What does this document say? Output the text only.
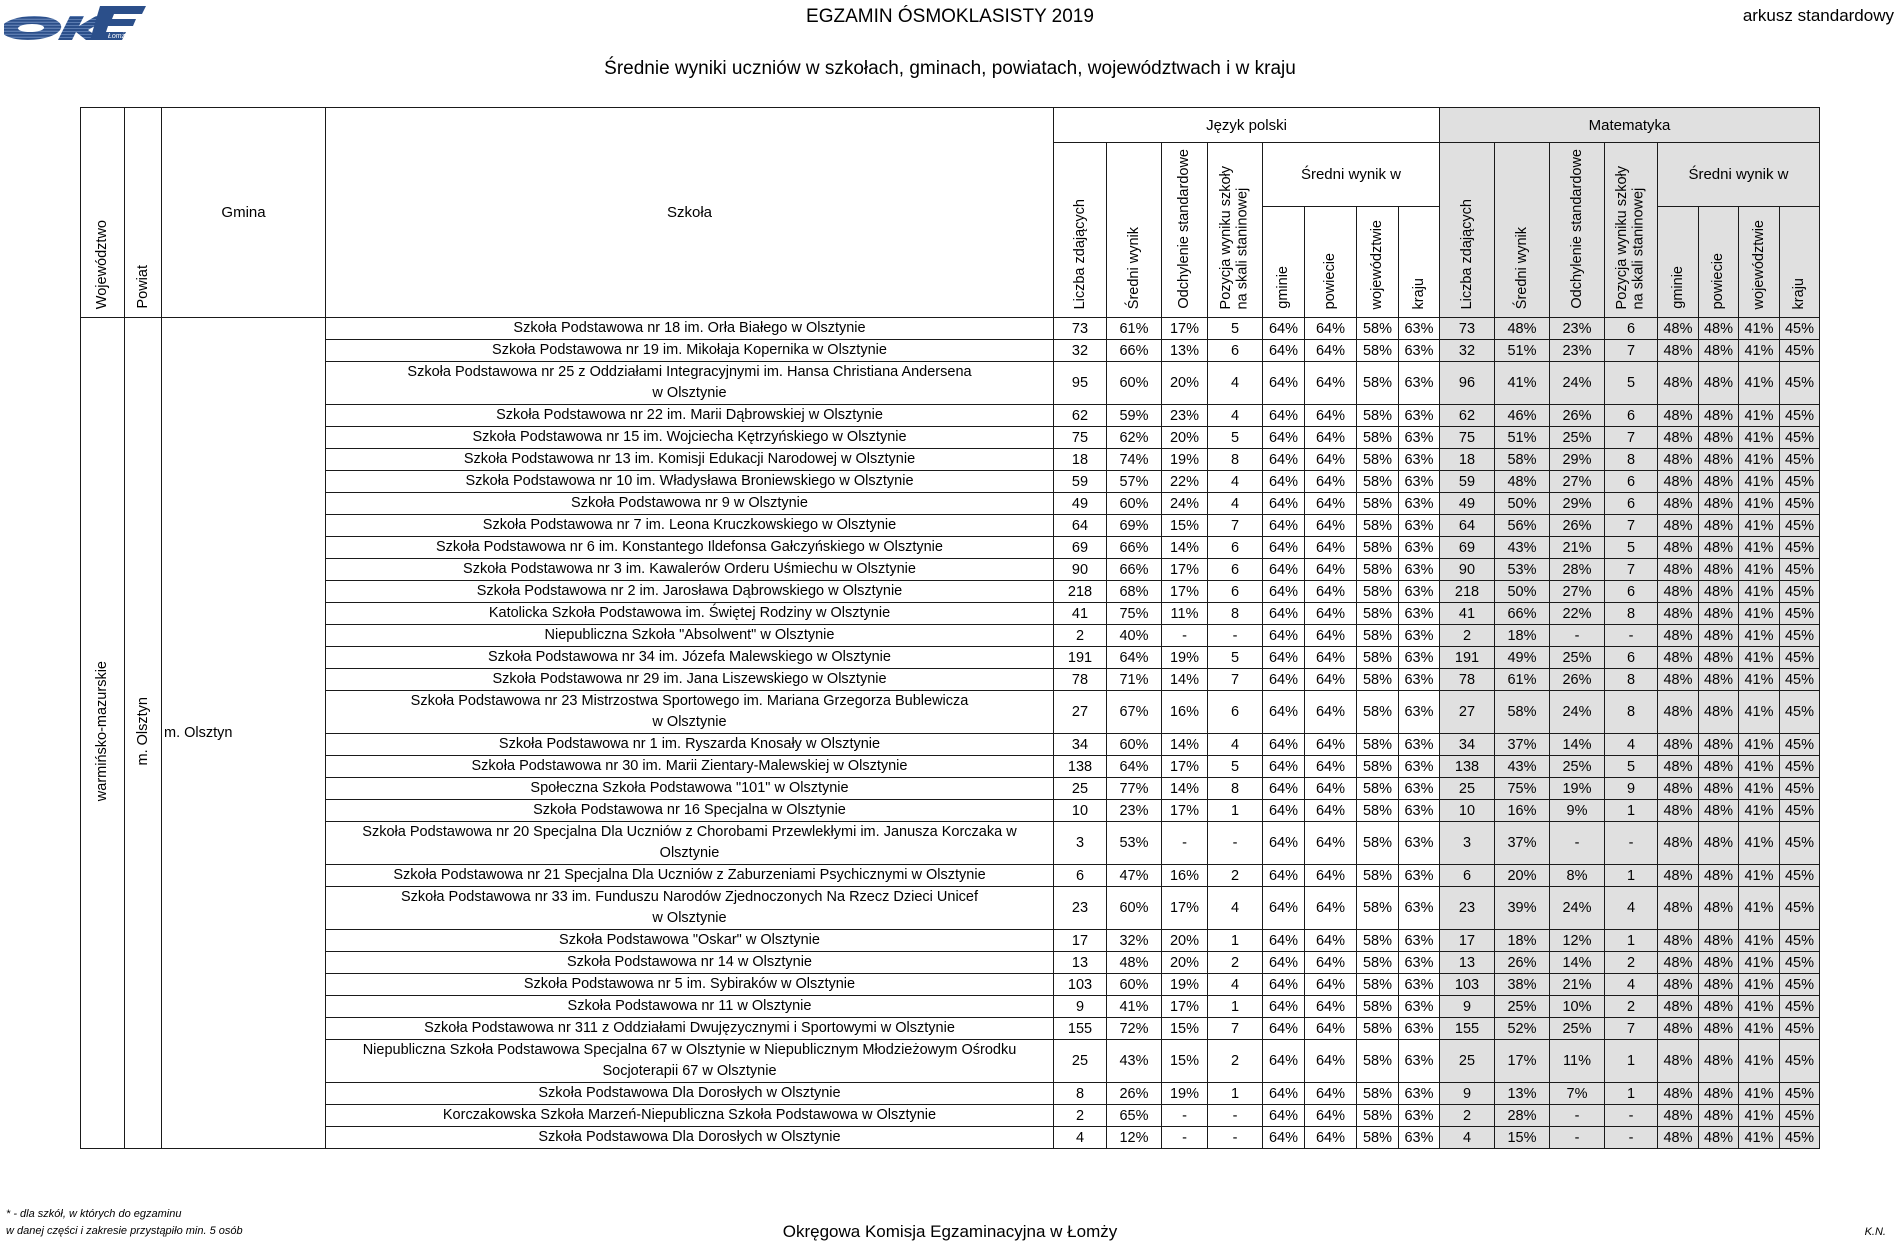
Łomża
EGZAMIN ÓSMOKLASISTY 2019	arkusz standardowy
Średnie wyniki uczniów w szkołach, gminach, powiatach, województwach i w kraju
Województwo	Powiat	Gmina	Szkoła	Język polski								Matematyka							
				Liczba zdających	Średni wynik	Odchylenie standardowe	Pozycja wyniku szkoły
na skali staninowej	Średni wynik w				Liczba zdających	Średni wynik	Odchylenie standardowe	Pozycja wyniku szkoły
na skali staninowej	Średni wynik w			
								gminie	powiecie	województwie	kraju					gminie	powiecie	województwie	kraju
warmińsko-mazurskie	m. Olsztyn	m. Olsztyn	Szkoła Podstawowa nr 18 im. Orła Białego w Olsztynie	73	61%	17%	5	64%	64%	58%	63%	73	48%	23%	6	48%	48%	41%	45%
			Szkoła Podstawowa nr 19 im. Mikołaja Kopernika w Olsztynie	32	66%	13%	6	64%	64%	58%	63%	32	51%	23%	7	48%	48%	41%	45%
			Szkoła Podstawowa nr 25 z Oddziałami Integracyjnymi im. Hansa Christiana Andersena
w Olsztynie	95	60%	20%	4	64%	64%	58%	63%	96	41%	24%	5	48%	48%	41%	45%
			Szkoła Podstawowa nr 22 im. Marii Dąbrowskiej w Olsztynie	62	59%	23%	4	64%	64%	58%	63%	62	46%	26%	6	48%	48%	41%	45%
			Szkoła Podstawowa nr 15 im. Wojciecha Kętrzyńskiego w Olsztynie	75	62%	20%	5	64%	64%	58%	63%	75	51%	25%	7	48%	48%	41%	45%
			Szkoła Podstawowa nr 13 im. Komisji Edukacji Narodowej w Olsztynie	18	74%	19%	8	64%	64%	58%	63%	18	58%	29%	8	48%	48%	41%	45%
			Szkoła Podstawowa nr 10 im. Władysława Broniewskiego w Olsztynie	59	57%	22%	4	64%	64%	58%	63%	59	48%	27%	6	48%	48%	41%	45%
			Szkoła Podstawowa nr 9 w Olsztynie	49	60%	24%	4	64%	64%	58%	63%	49	50%	29%	6	48%	48%	41%	45%
			Szkoła Podstawowa nr 7 im. Leona Kruczkowskiego w Olsztynie	64	69%	15%	7	64%	64%	58%	63%	64	56%	26%	7	48%	48%	41%	45%
			Szkoła Podstawowa nr 6 im. Konstantego Ildefonsa Gałczyńskiego w Olsztynie	69	66%	14%	6	64%	64%	58%	63%	69	43%	21%	5	48%	48%	41%	45%
			Szkoła Podstawowa nr 3 im. Kawalerów Orderu Uśmiechu w Olsztynie	90	66%	17%	6	64%	64%	58%	63%	90	53%	28%	7	48%	48%	41%	45%
			Szkoła Podstawowa nr 2 im. Jarosława Dąbrowskiego w Olsztynie	218	68%	17%	6	64%	64%	58%	63%	218	50%	27%	6	48%	48%	41%	45%
			Katolicka Szkoła Podstawowa im. Świętej Rodziny w Olsztynie	41	75%	11%	8	64%	64%	58%	63%	41	66%	22%	8	48%	48%	41%	45%
			Niepubliczna Szkoła "Absolwent" w Olsztynie	2	40%	-	-	64%	64%	58%	63%	2	18%	-	-	48%	48%	41%	45%
			Szkoła Podstawowa nr 34 im. Józefa Malewskiego w Olsztynie	191	64%	19%	5	64%	64%	58%	63%	191	49%	25%	6	48%	48%	41%	45%
			Szkoła Podstawowa nr 29 im. Jana Liszewskiego w Olsztynie	78	71%	14%	7	64%	64%	58%	63%	78	61%	26%	8	48%	48%	41%	45%
			Szkoła Podstawowa nr 23 Mistrzostwa Sportowego im. Mariana Grzegorza Bublewicza
w Olsztynie	27	67%	16%	6	64%	64%	58%	63%	27	58%	24%	8	48%	48%	41%	45%
			Szkoła Podstawowa nr 1 im. Ryszarda Knosały w Olsztynie	34	60%	14%	4	64%	64%	58%	63%	34	37%	14%	4	48%	48%	41%	45%
			Szkoła Podstawowa nr 30 im. Marii Zientary-Malewskiej w Olsztynie	138	64%	17%	5	64%	64%	58%	63%	138	43%	25%	5	48%	48%	41%	45%
			Społeczna Szkoła Podstawowa "101" w Olsztynie	25	77%	14%	8	64%	64%	58%	63%	25	75%	19%	9	48%	48%	41%	45%
			Szkoła Podstawowa nr 16 Specjalna w Olsztynie	10	23%	17%	1	64%	64%	58%	63%	10	16%	9%	1	48%	48%	41%	45%
			Szkoła Podstawowa nr 20 Specjalna Dla Uczniów z Chorobami Przewlekłymi im. Janusza Korczaka w
Olsztynie	3	53%	-	-	64%	64%	58%	63%	3	37%	-	-	48%	48%	41%	45%
			Szkoła Podstawowa nr 21 Specjalna Dla Uczniów z Zaburzeniami Psychicznymi w Olsztynie	6	47%	16%	2	64%	64%	58%	63%	6	20%	8%	1	48%	48%	41%	45%
			Szkoła Podstawowa nr 33 im. Funduszu Narodów Zjednoczonych Na Rzecz Dzieci Unicef
w Olsztynie	23	60%	17%	4	64%	64%	58%	63%	23	39%	24%	4	48%	48%	41%	45%
			Szkoła Podstawowa "Oskar" w Olsztynie	17	32%	20%	1	64%	64%	58%	63%	17	18%	12%	1	48%	48%	41%	45%
			Szkoła Podstawowa nr 14 w Olsztynie	13	48%	20%	2	64%	64%	58%	63%	13	26%	14%	2	48%	48%	41%	45%
			Szkoła Podstawowa nr 5 im. Sybiraków w Olsztynie	103	60%	19%	4	64%	64%	58%	63%	103	38%	21%	4	48%	48%	41%	45%
			Szkoła Podstawowa nr 11 w Olsztynie	9	41%	17%	1	64%	64%	58%	63%	9	25%	10%	2	48%	48%	41%	45%
			Szkoła Podstawowa nr 311 z Oddziałami Dwujęzycznymi i Sportowymi w Olsztynie	155	72%	15%	7	64%	64%	58%	63%	155	52%	25%	7	48%	48%	41%	45%
			Niepubliczna Szkoła Podstawowa Specjalna 67 w Olsztynie w Niepublicznym Młodzieżowym Ośrodku
Socjoterapii 67 w Olsztynie	25	43%	15%	2	64%	64%	58%	63%	25	17%	11%	1	48%	48%	41%	45%
			Szkoła Podstawowa Dla Dorosłych w Olsztynie	8	26%	19%	1	64%	64%	58%	63%	9	13%	7%	1	48%	48%	41%	45%
			Korczakowska Szkoła Marzeń-Niepubliczna Szkoła Podstawowa w Olsztynie	2	65%	-	-	64%	64%	58%	63%	2	28%	-	-	48%	48%	41%	45%
			Szkoła Podstawowa Dla Dorosłych w Olsztynie	4	12%	-	-	64%	64%	58%	63%	4	15%	-	-	48%	48%	41%	45%
* - dla szkół, w których do egzaminu
w danej części i zakresie przystąpiło min. 5 osób	Okręgowa Komisja Egzaminacyjna w Łomży	K.N.
